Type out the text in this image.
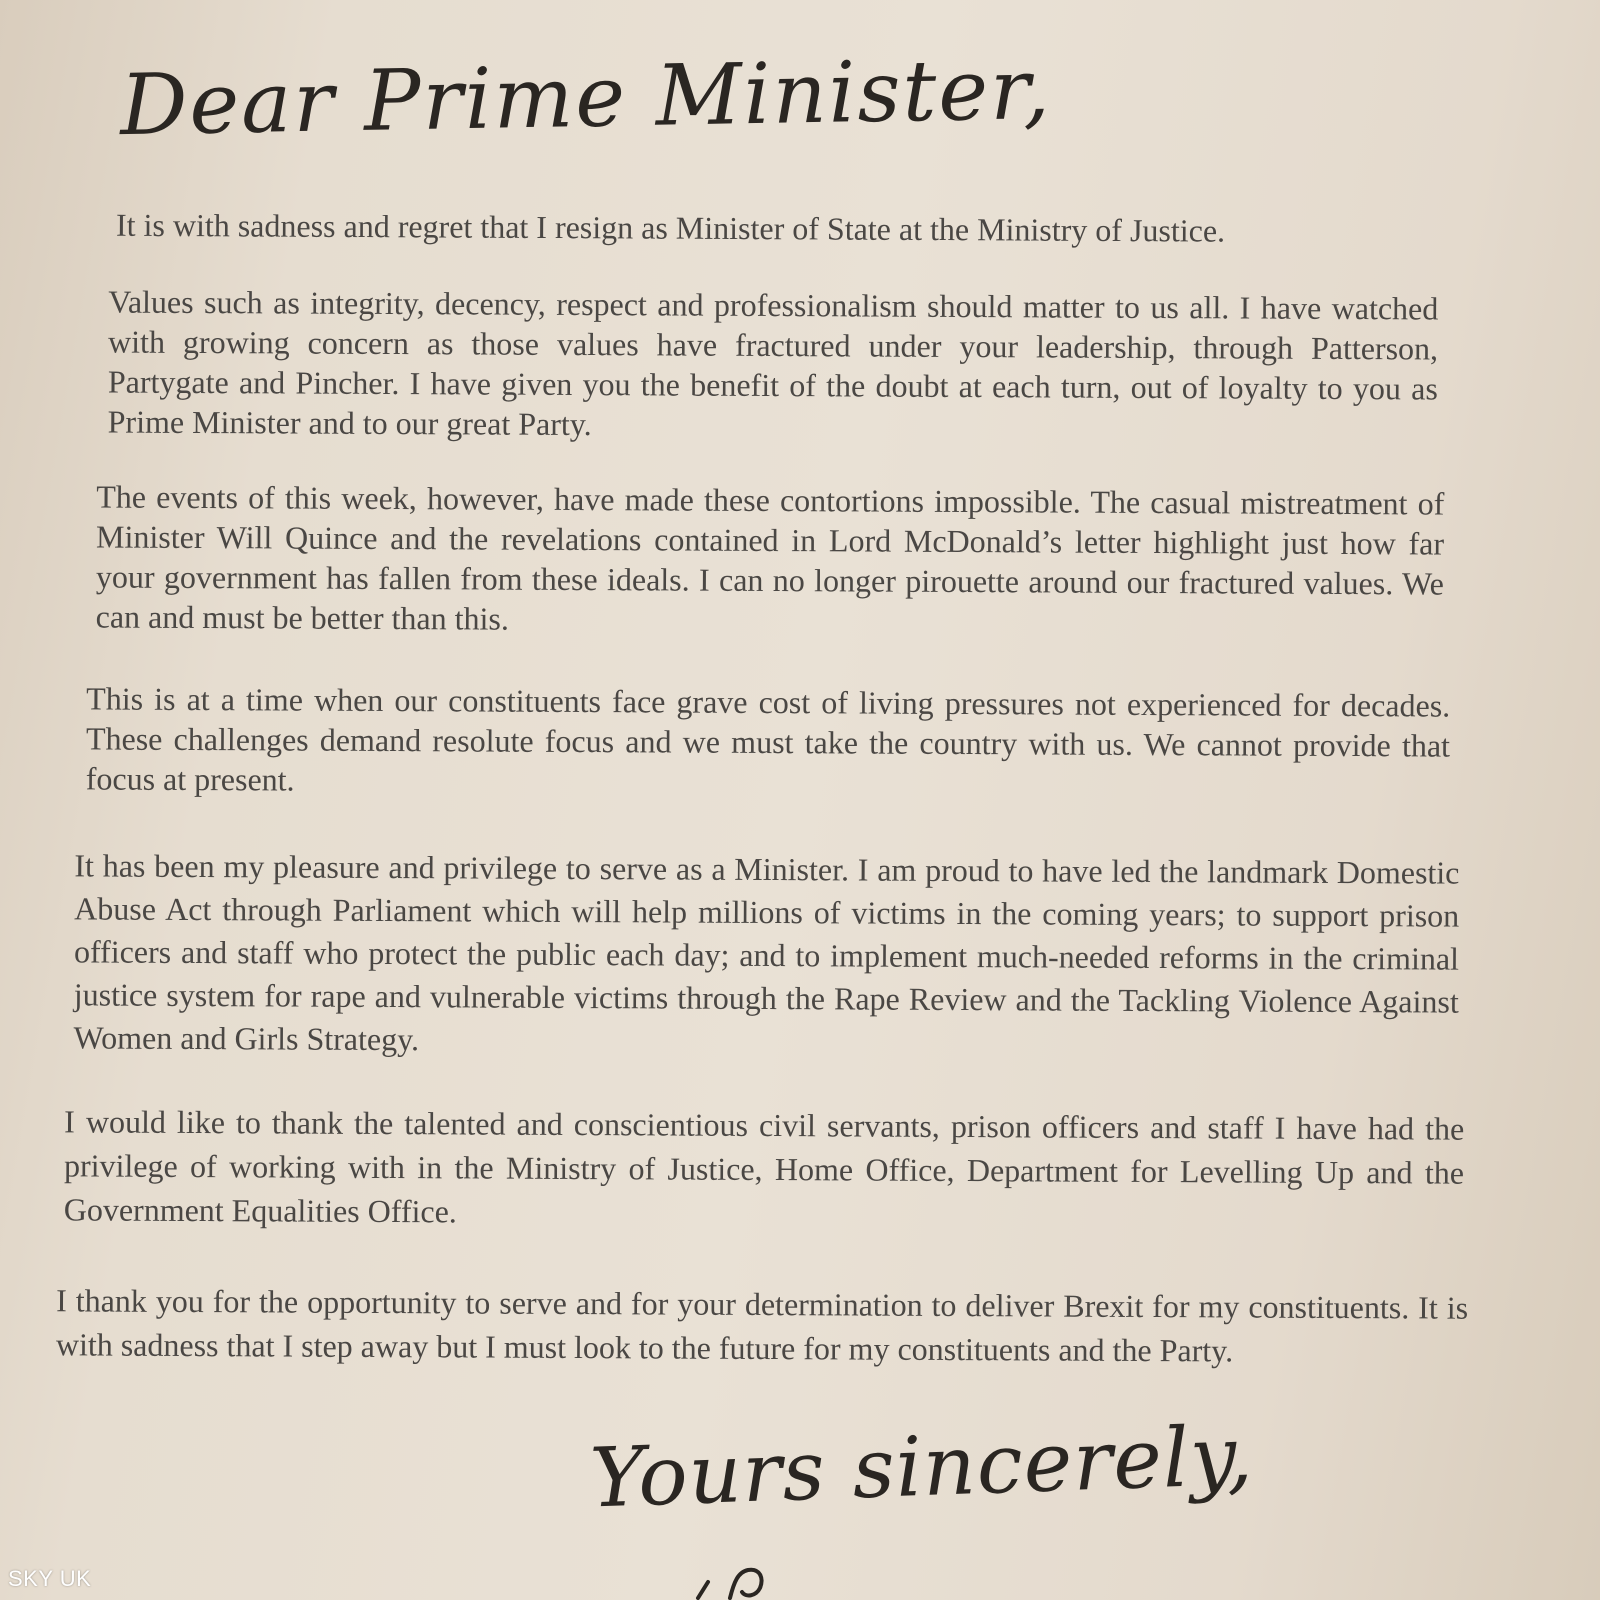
Dear Prime Minister,

It is with sadness and regret that I resign as Minister of State at the Ministry of Justice.

Values such as integrity, decency, respect and professionalism should matter to us all. I have watched with growing concern as those values have fractured under your leadership, through Patterson, Partygate and Pincher. I have given you the benefit of the doubt at each turn, out of loyalty to you as Prime Minister and to our great Party.

The events of this week, however, have made these contortions impossible. The casual mistreatment of Minister Will Quince and the revelations contained in Lord McDonald’s letter highlight just how far your government has fallen from these ideals. I can no longer pirouette around our fractured values. We can and must be better than this.

This is at a time when our constituents face grave cost of living pressures not experienced for decades. These challenges demand resolute focus and we must take the country with us. We cannot provide that focus at present.

It has been my pleasure and privilege to serve as a Minister. I am proud to have led the landmark Domestic Abuse Act through Parliament which will help millions of victims in the coming years; to support prison officers and staff who protect the public each day; and to implement much-needed reforms in the criminal justice system for rape and vulnerable victims through the Rape Review and the Tackling Violence Against Women and Girls Strategy.

I would like to thank the talented and conscientious civil servants, prison officers and staff I have had the privilege of working with in the Ministry of Justice, Home Office, Department for Levelling Up and the Government Equalities Office.

I thank you for the opportunity to serve and for your determination to deliver Brexit for my constituents. It is with sadness that I step away but I must look to the future for my constituents and the Party.

Yours sincerely,
SKY UK
